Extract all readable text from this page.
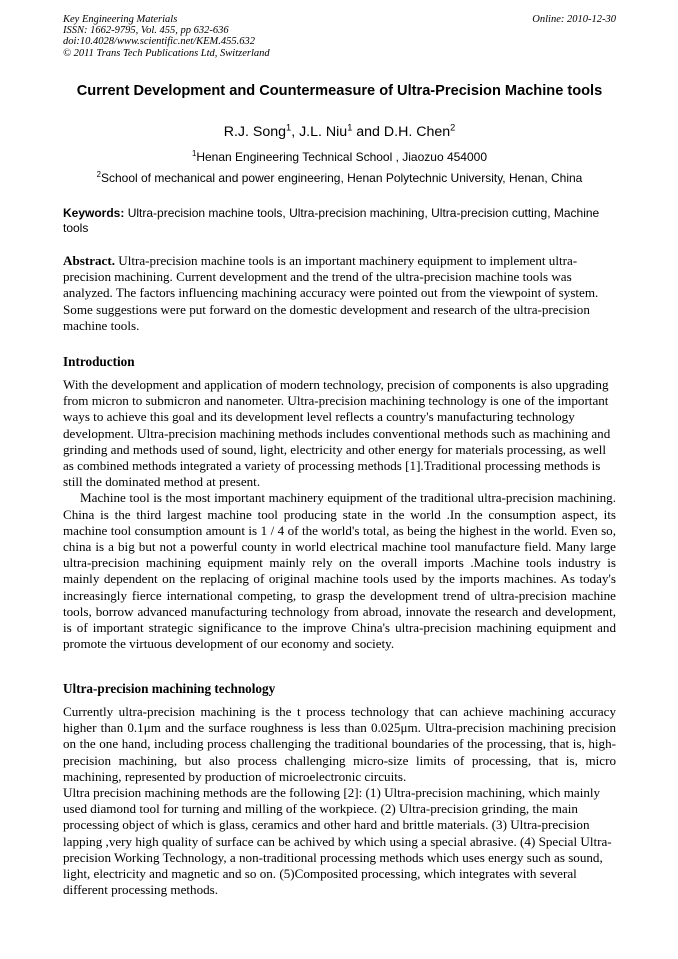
Key Engineering Materials
ISSN: 1662-9795, Vol. 455, pp 632-636
doi:10.4028/www.scientific.net/KEM.455.632
© 2011 Trans Tech Publications Ltd, Switzerland
Online: 2010-12-30
Current Development and Countermeasure of Ultra-Precision Machine tools
R.J. Song$^1$, J.L. Niu$^1$ and D.H. Chen$^2$
$^1$Henan Engineering Technical School , Jiaozuo 454000
$^2$School of mechanical and power engineering, Henan Polytechnic University, Henan, China
Keywords: Ultra-precision machine tools, Ultra-precision machining, Ultra-precision cutting, Machine tools

Abstract. Ultra-precision machine tools is an important machinery equipment to implement ultra-precision machining. Current development and the trend of the ultra-precision machine tools was analyzed. The factors influencing machining accuracy were pointed out from the viewpoint of system. Some suggestions were put forward on the domestic development and research of the ultra-precision machine tools.

Introduction

With the development and application of modern technology, precision of components is also upgrading from micron to submicron and nanometer. Ultra-precision machining technology is one of the important ways to achieve this goal and its development level reflects a country's manufacturing technology development. Ultra-precision machining methods includes conventional methods such as machining and grinding and methods used of sound, light, electricity and other energy for materials processing, as well as combined methods integrated a variety of processing methods [1].Traditional processing methods is still the dominated method at present.

Machine tool is the most important machinery equipment of the traditional ultra-precision machining. China is the third largest machine tool producing state in the world .In the consumption aspect, its machine tool consumption amount is 1 / 4 of the world's total, as being the highest in the world. Even so, china is a big but not a powerful county in world electrical machine tool manufacture field. Many large ultra-precision machining equipment mainly rely on the overall imports .Machine tools industry is mainly dependent on the replacing of original machine tools used by the imports machines. As today's increasingly fierce international competing, to grasp the development trend of ultra-precision machine tools, borrow advanced manufacturing technology from abroad, innovate the research and development, is of important strategic significance to the improve China's ultra-precision machining equipment and promote the virtuous development of our economy and society.

Ultra-precision machining technology

Currently ultra-precision machining is the t process technology that can achieve machining accuracy higher than 0.1μm and the surface roughness is less than 0.025μm. Ultra-precision machining precision on the one hand, including process challenging the traditional boundaries of the processing, that is, high-precision machining, but also process challenging micro-size limits of processing, that is, micro machining, represented by production of microelectronic circuits.

Ultra precision machining methods are the following [2]: (1) Ultra-precision machining, which mainly used diamond tool for turning and milling of the workpiece. (2) Ultra-precision grinding, the main processing object of which is glass, ceramics and other hard and brittle materials. (3) Ultra-precision lapping ,very high quality of surface can be achived by which using a special abrasive. (4) Special Ultra-precision Working Technology, a non-traditional processing methods which uses energy such as sound, light, electricity and magnetic and so on. (5)Composited processing, which integrates with several different processing methods.
